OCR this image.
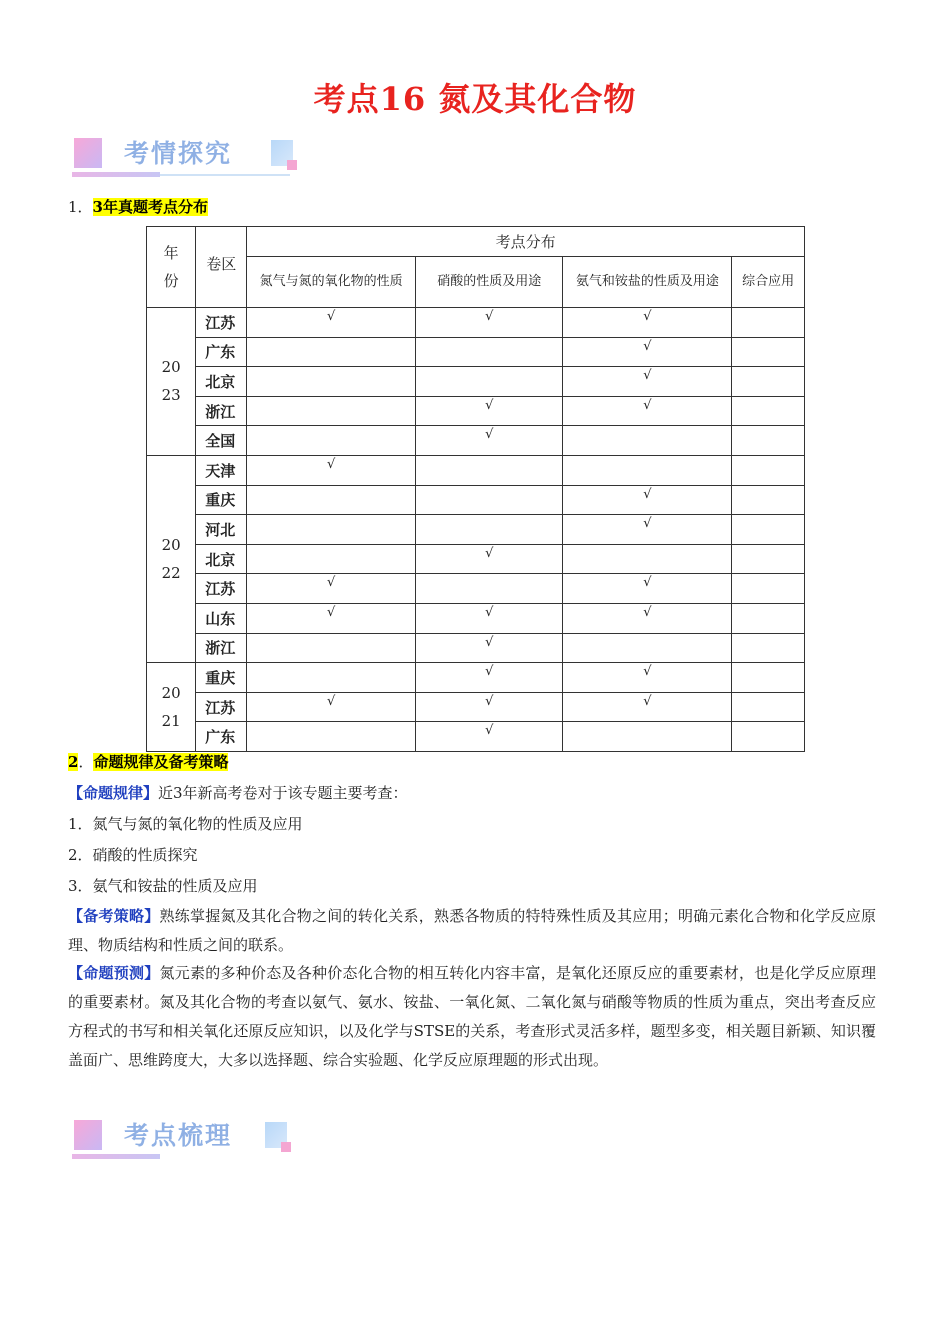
考点16 氮及其化合物
考情探究
1．3年真题考点分布
年份	卷区	考点分布			
		氮气与氮的氧化物的性质	硝酸的性质及用途	氨气和铵盐的性质及用途	综合应用
2023	江苏	√	√	√	
	广东			√	
	北京			√	
	浙江		√	√	
	全国		√		
2022	天津	√			
	重庆			√	
	河北			√	
	北京		√		
	江苏	√		√	
	山东	√	√	√	
	浙江		√		
2021	重庆		√	√	
	江苏	√	√	√	
	广东		√		
2．命题规律及备考策略
【命题规律】近3年新高考卷对于该专题主要考查：
1．氮气与氮的氧化物的性质及应用
2．硝酸的性质探究
3．氨气和铵盐的性质及应用
【备考策略】熟练掌握氮及其化合物之间的转化关系，熟悉各物质的特特殊性质及其应用；明确元素化合物和化学反应原理、物质结构和性质之间的联系。
【命题预测】氮元素的多种价态及各种价态化合物的相互转化内容丰富，是氧化还原反应的重要素材，也是化学反应原理的重要素材。氮及其化合物的考查以氨气、氨水、铵盐、一氧化氮、二氧化氮与硝酸等物质的性质为重点，突出考查反应方程式的书写和相关氧化还原反应知识，以及化学与STSE的关系，考查形式灵活多样，题型多变，相关题目新颖、知识覆盖面广、思维跨度大，大多以选择题、综合实验题、化学反应原理题的形式出现。
考点梳理
